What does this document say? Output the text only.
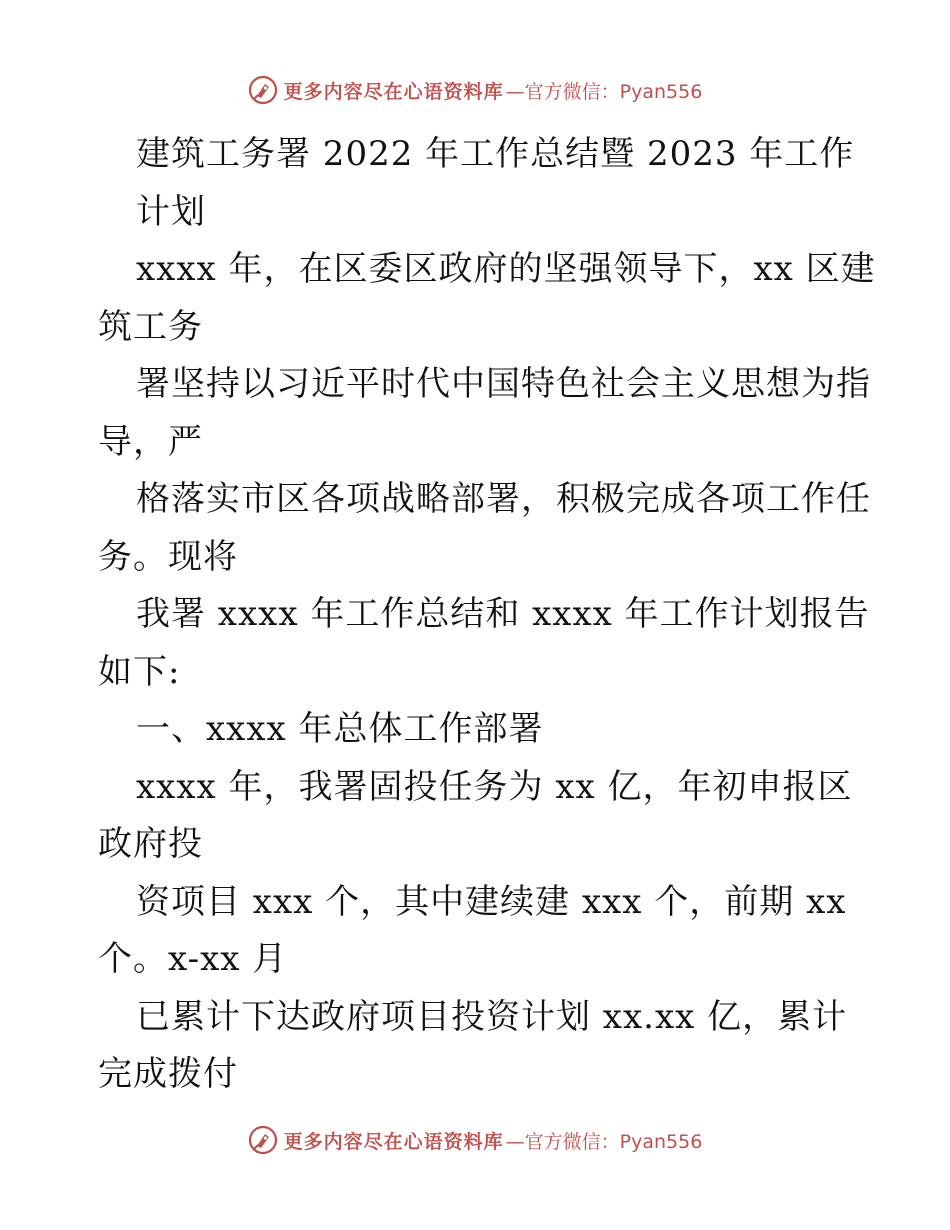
更多内容尽在心语资料库 —官方微信：Pyan556
建筑工务署 2022 年工作总结暨 2023 年工作
计划
xxxx 年，在区委区政府的坚强领导下，xx 区建
筑工务
署坚持以习近平时代中国特色社会主义思想为指
导，严
格落实市区各项战略部署，积极完成各项工作任
务。现将
我署 xxxx 年工作总结和 xxxx 年工作计划报告
如下:
一、xxxx 年总体工作部署
xxxx 年，我署固投任务为 xx 亿，年初申报区
政府投
资项目 xxx 个，其中建续建 xxx 个，前期 xx
个。x-xx 月
已累计下达政府项目投资计划 xx.xx 亿，累计
完成拨付
更多内容尽在心语资料库 —官方微信：Pyan556
